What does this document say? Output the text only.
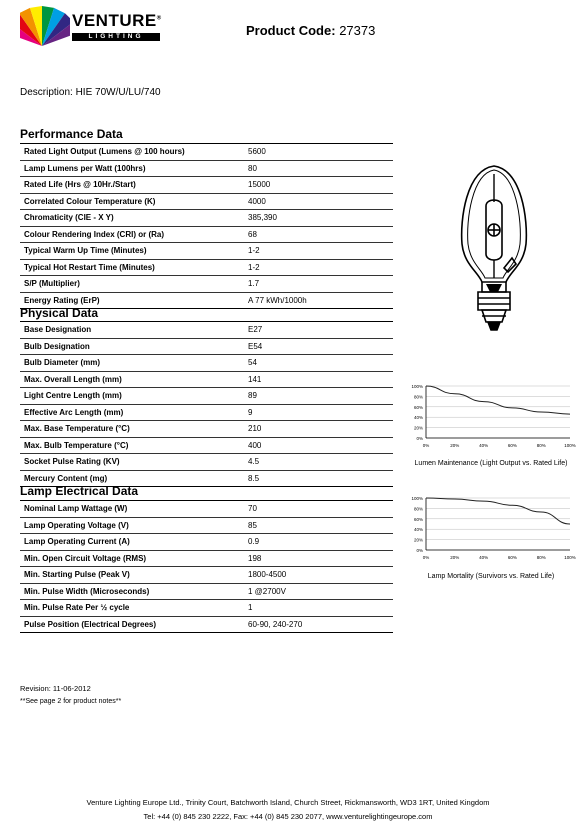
VENTURE®
LIGHTING	Product Code: 27373
Description: HIE 70W/U/LU/740
Performance Data
Rated Light Output (Lumens @ 100 hours)	5600
Lamp Lumens per Watt (100hrs)	80
Rated Life (Hrs @ 10Hr./Start)	15000
Correlated Colour Temperature (K)	4000
Chromaticity (CIE - X Y)	385,390
Colour Rendering Index (CRI) or (Ra)	68
Typical Warm Up Time (Minutes)	1-2
Typical Hot Restart Time (Minutes)	1-2
S/P (Multiplier)	1.7
Energy Rating (ErP)	A 77 kWh/1000h
Physical Data
Base Designation	E27
Bulb Designation	E54
Bulb Diameter (mm)	54
Max. Overall Length (mm)	141
Light Centre Length (mm)	89
Effective Arc Length (mm)	9
Max. Base Temperature (°C)	210
Max. Bulb Temperature (°C)	400
Socket Pulse Rating (KV)	4.5
Mercury Content (mg)	8.5
Lamp Electrical Data
Nominal Lamp Wattage (W)	70
Lamp Operating Voltage (V)	85
Lamp Operating Current (A)	0.9
Min. Open Circuit Voltage (RMS)	198
Min. Starting Pulse (Peak V)	1800-4500
Min. Pulse Width (Microseconds)	1 @2700V
Min. Pulse Rate Per ½ cycle	1
Pulse Position (Electrical Degrees)	60-90, 240-270
0%
20%
40%
60%
80%
100%
0%	20%	40%	60%	80%	100%
Lumen Maintenance (Light Output vs. Rated Life)
0%
20%
40%
60%
80%
100%
0%	20%	40%	60%	80%	100%
Lamp Mortality (Survivors vs. Rated Life)
Revision: 11-06-2012
**See page 2 for product notes**
Venture Lighting Europe Ltd., Trinity Court, Batchworth Island, Church Street, Rickmansworth, WD3 1RT, United Kingdom
Tel: +44 (0) 845 230 2222, Fax: +44 (0) 845 230 2077, www.venturelightingeurope.com
